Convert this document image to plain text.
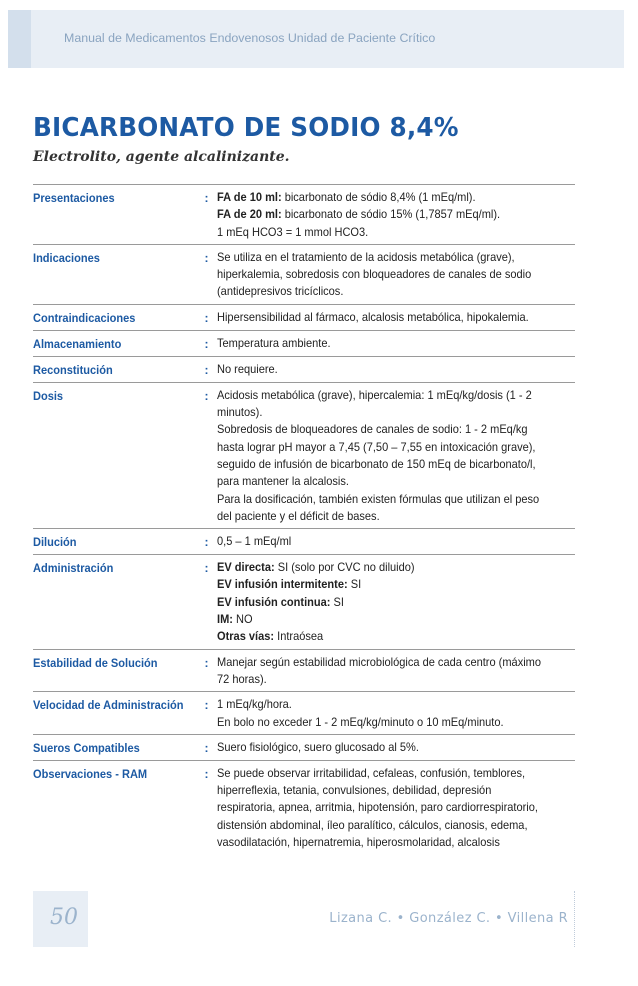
Manual de Medicamentos Endovenosos Unidad de Paciente Crítico
BICARBONATO DE SODIO 8,4%
Electrolito, agente alcalinizante.
Presentaciones	: FA de 10 ml: bicarbonato de sódio 8,4% (1 mEq/ml).
FA de 20 ml: bicarbonato de sódio 15% (1,7857 mEq/ml).
1 mEq HCO3 = 1 mmol HCO3.
Indicaciones	: Se utiliza en el tratamiento de la acidosis metabólica (grave),
hiperkalemia, sobredosis con bloqueadores de canales de sodio
(antidepresivos tricíclicos.
Contraindicaciones	: Hipersensibilidad al fármaco, alcalosis metabólica, hipokalemia.
Almacenamiento	: Temperatura ambiente.
Reconstitución	: No requiere.
Dosis	: Acidosis metabólica (grave), hipercalemia: 1 mEq/kg/dosis (1 - 2
minutos).
Sobredosis de bloqueadores de canales de sodio: 1 - 2 mEq/kg
hasta lograr pH mayor a 7,45 (7,50 – 7,55 en intoxicación grave),
seguido de infusión de bicarbonato de 150 mEq de bicarbonato/l,
para mantener la alcalosis.
Para la dosificación, también existen fórmulas que utilizan el peso
del paciente y el déficit de bases.
Dilución	: 0,5 – 1 mEq/ml
Administración	: EV directa: SI (solo por CVC no diluido)
EV infusión intermitente: SI
EV infusión continua: SI
IM: NO
Otras vías: Intraósea
Estabilidad de Solución	: Manejar según estabilidad microbiológica de cada centro (máximo
72 horas).
Velocidad de Administración	: 1 mEq/kg/hora.
En bolo no exceder 1 - 2 mEq/kg/minuto o 10 mEq/minuto.
Sueros Compatibles	: Suero fisiológico, suero glucosado al 5%.
Observaciones - RAM	: Se puede observar irritabilidad, cefaleas, confusión, temblores,
hiperreflexia, tetania, convulsiones, debilidad, depresión
respiratoria, apnea, arritmia, hipotensión, paro cardiorrespiratorio,
distensión abdominal, íleo paralítico, cálculos, cianosis, edema,
vasodilatación, hipernatremia, hiperosmolaridad, alcalosis
50	Lizana C. • González C. • Villena R
